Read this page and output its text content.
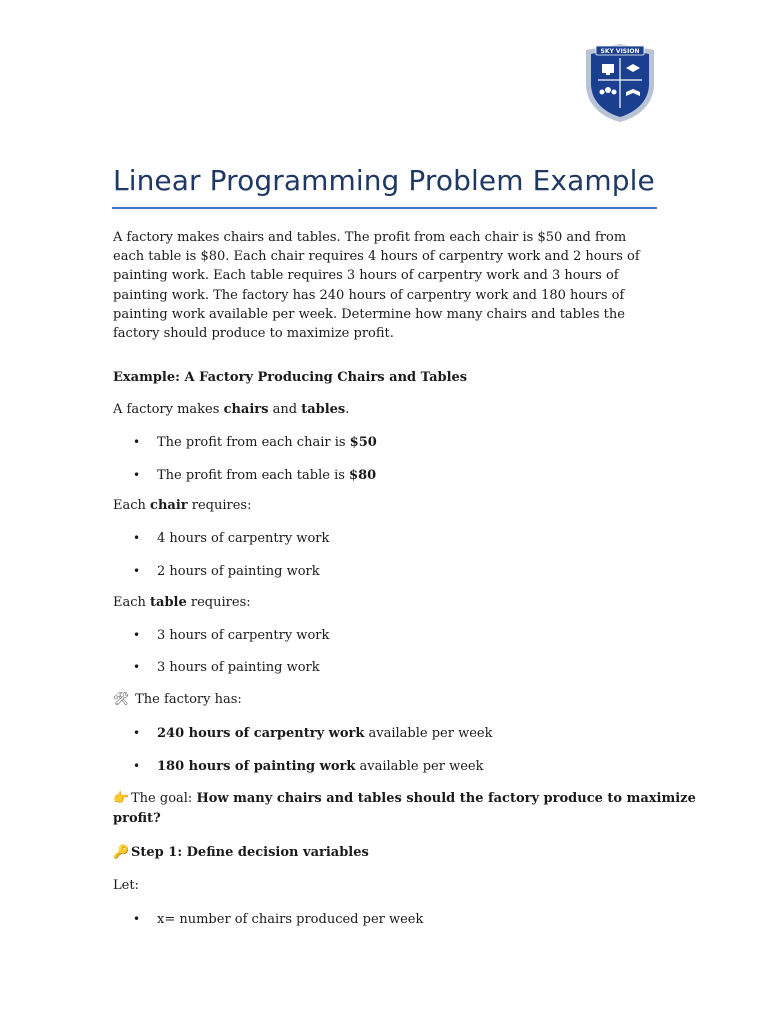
SKY VISION
Linear Programming Problem Example
A factory makes chairs and tables. The profit from each chair is $50 and from each table is $80. Each chair requires 4 hours of carpentry work and 2 hours of painting work. Each table requires 3 hours of carpentry work and 3 hours of painting work. The factory has 240 hours of carpentry work and 180 hours of painting work available per week. Determine how many chairs and tables the factory should produce to maximize profit.
Example: A Factory Producing Chairs and Tables
A factory makes chairs and tables.
• The profit from each chair is $50
• The profit from each table is $80
Each chair requires:
• 4 hours of carpentry work
• 2 hours of painting work
Each table requires:
• 3 hours of carpentry work
• 3 hours of painting work
🛠 The factory has:
• 240 hours of carpentry work available per week
• 180 hours of painting work available per week
👉 The goal: How many chairs and tables should the factory produce to maximize
profit?
🔑 Step 1: Define decision variables
Let:
• x= number of chairs produced per week
